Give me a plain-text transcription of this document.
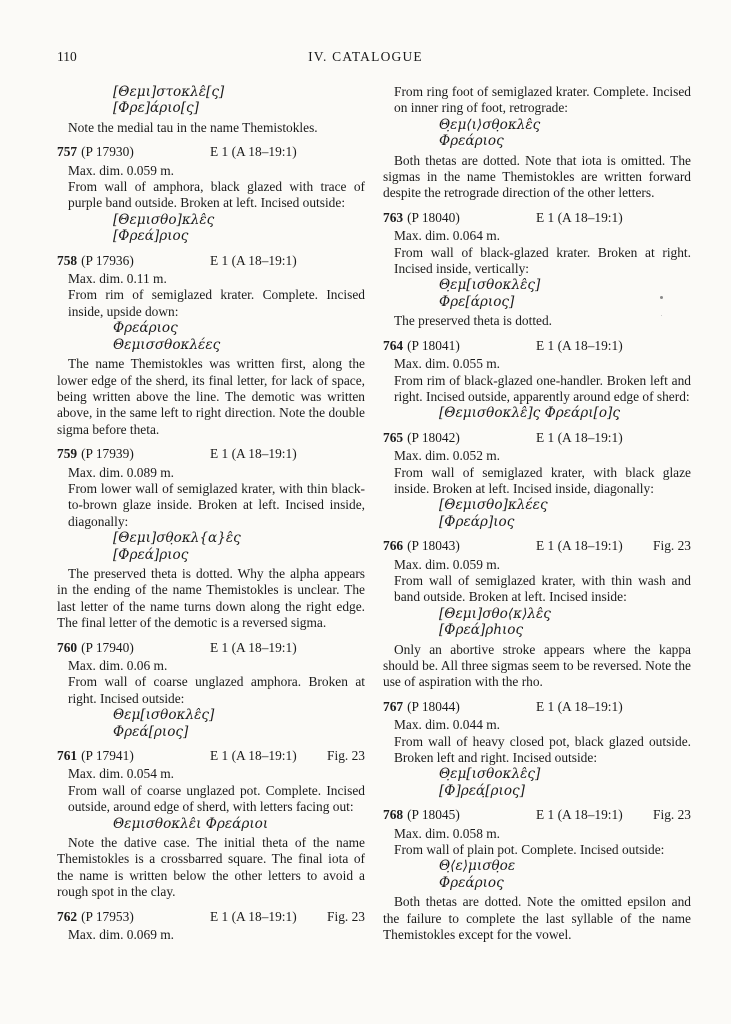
110	IV. CATALOGUE
[Θεμι]στοκλε̂[ς]
[Φρε]άριο[ς]

Note the medial tau in the name Themistokles.

757 (P 17930)	E 1 (A 18–19:1)
Max. dim. 0.059 m.
From wall of amphora, black glazed with trace of purple band outside. Broken at left. Incised outside:
[Θεμισθο]κλε̂ς
[Φρεά]ριος
758 (P 17936)	E 1 (A 18–19:1)
Max. dim. 0.11 m.
From rim of semiglazed krater. Complete. Incised inside, upside down:
Φρεάριος
Θεμισσθοκλέες

The name Themistokles was written first, along the lower edge of the sherd, its final letter, for lack of space, being written above the line. The demotic was written above, in the same left to right direction. Note the double sigma before theta.

759 (P 17939)	E 1 (A 18–19:1)
Max. dim. 0.089 m.
From lower wall of semiglazed krater, with thin black-to-brown glaze inside. Broken at left. Incised inside, diagonally:
[Θεμι]σθ̣οκλ{α}ε̂ς
[Φρεά]ριος

The preserved theta is dotted. Why the alpha appears in the ending of the name Themistokles is unclear. The last letter of the name turns down along the right edge. The final letter of the demotic is a reversed sigma.

760 (P 17940)	E 1 (A 18–19:1)
Max. dim. 0.06 m.
From wall of coarse unglazed amphora. Broken at right. Incised outside:
Θεμ[ισθοκλε̂ς]
Φρεά[ριος]
761 (P 17941)	E 1 (A 18–19:1) Fig. 23
Max. dim. 0.054 m.
From wall of coarse unglazed pot. Complete. Incised outside, around edge of sherd, with letters facing out:
Θεμισθοκλε̂ι Φρεάριοι

Note the dative case. The initial theta of the name Themistokles is a crossbarred square. The final iota of the name is written below the other letters to avoid a rough spot in the clay.

762 (P 17953)	E 1 (A 18–19:1) Fig. 23
Max. dim. 0.069 m.
From ring foot of semiglazed krater. Complete. Incised on inner ring of foot, retrograde:
Θ̣εμ⟨ι⟩σθ̣οκλε̂ς
Φρεάριος

Both thetas are dotted. Note that iota is omitted. The sigmas in the name Themistokles are written forward despite the retrograde direction of the other letters.

763 (P 18040)	E 1 (A 18–19:1)
Max. dim. 0.064 m.
From wall of black-glazed krater. Broken at right. Incised inside, vertically:
Θ̣εμ[ισθοκλε̂ς]
Φρε[άριος]

The preserved theta is dotted.

764 (P 18041)	E 1 (A 18–19:1)
Max. dim. 0.055 m.
From rim of black-glazed one-handler. Broken left and right. Incised outside, apparently around edge of sherd:
[Θεμισθοκλε̂]ς Φρεάρι[ο]ς̣
765 (P 18042)	E 1 (A 18–19:1)
Max. dim. 0.052 m.
From wall of semiglazed krater, with black glaze inside. Broken at left. Incised inside, diagonally:
[Θεμισθο]κλέες
[Φρεάρ]ιος
766 (P 18043)	E 1 (A 18–19:1) Fig. 23
Max. dim. 0.059 m.
From wall of semiglazed krater, with thin wash and band outside. Broken at left. Incised inside:
[Θεμι]σθο⟨κ⟩λε̂ς
[Φρεά]ρhιος

Only an abortive stroke appears where the kappa should be. All three sigmas seem to be reversed. Note the use of aspiration with the rho.

767 (P 18044)	E 1 (A 18–19:1)
Max. dim. 0.044 m.
From wall of heavy closed pot, black glazed outside. Broken left and right. Incised outside:
Θ̣εμ[ισθοκλε̂ς]
[Φ]ρεά̣[ριος]
768 (P 18045)	E 1 (A 18–19:1) Fig. 23
Max. dim. 0.058 m.
From wall of plain pot. Complete. Incised outside:
Θ̣⟨ε⟩μισθ̣οε
Φρεάριος

Both thetas are dotted. Note the omitted epsilon and the failure to complete the last syllable of the name Themistokles except for the vowel.
